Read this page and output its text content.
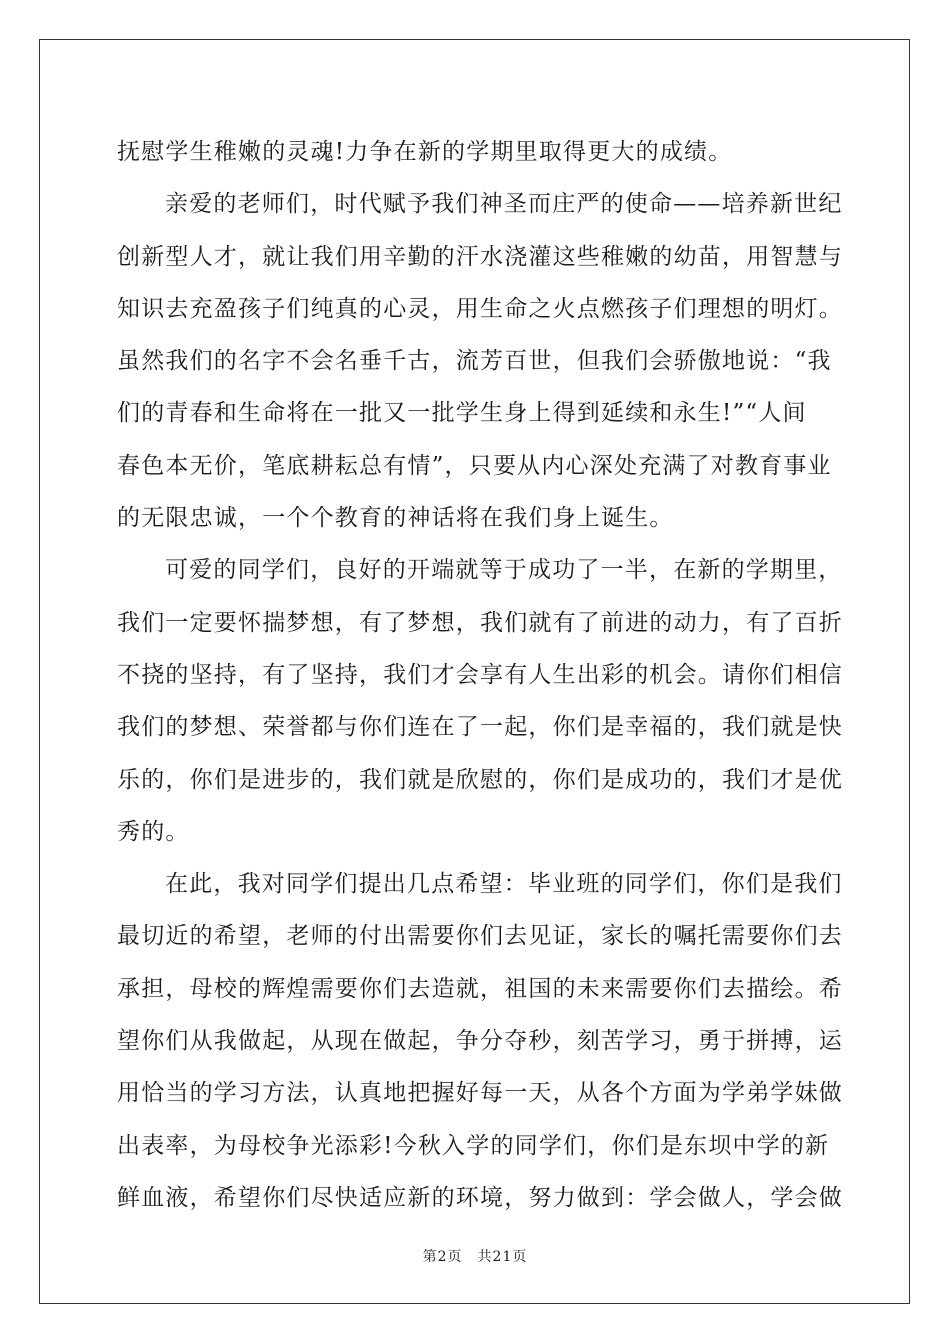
抚慰学生稚嫩的灵魂!力争在新的学期里取得更大的成绩。
亲爱的老师们，时代赋予我们神圣而庄严的使命——培养新世纪
创新型人才，就让我们用辛勤的汗水浇灌这些稚嫩的幼苗，用智慧与
知识去充盈孩子们纯真的心灵，用生命之火点燃孩子们理想的明灯。
虽然我们的名字不会名垂千古，流芳百世，但我们会骄傲地说：“我
们的青春和生命将在一批又一批学生身上得到延续和永生!”“人间
春色本无价，笔底耕耘总有情”，只要从内心深处充满了对教育事业
的无限忠诚，一个个教育的神话将在我们身上诞生。
可爱的同学们，良好的开端就等于成功了一半，在新的学期里，
我们一定要怀揣梦想，有了梦想，我们就有了前进的动力，有了百折
不挠的坚持，有了坚持，我们才会享有人生出彩的机会。请你们相信
我们的梦想、荣誉都与你们连在了一起，你们是幸福的，我们就是快
乐的，你们是进步的，我们就是欣慰的，你们是成功的，我们才是优
秀的。
在此，我对同学们提出几点希望：毕业班的同学们，你们是我们
最切近的希望，老师的付出需要你们去见证，家长的嘱托需要你们去
承担，母校的辉煌需要你们去造就，祖国的未来需要你们去描绘。希
望你们从我做起，从现在做起，争分夺秒，刻苦学习，勇于拼搏，运
用恰当的学习方法，认真地把握好每一天，从各个方面为学弟学妹做
出表率，为母校争光添彩!今秋入学的同学们，你们是东坝中学的新
鲜血液，希望你们尽快适应新的环境，努力做到：学会做人，学会做
第2页　共21页
